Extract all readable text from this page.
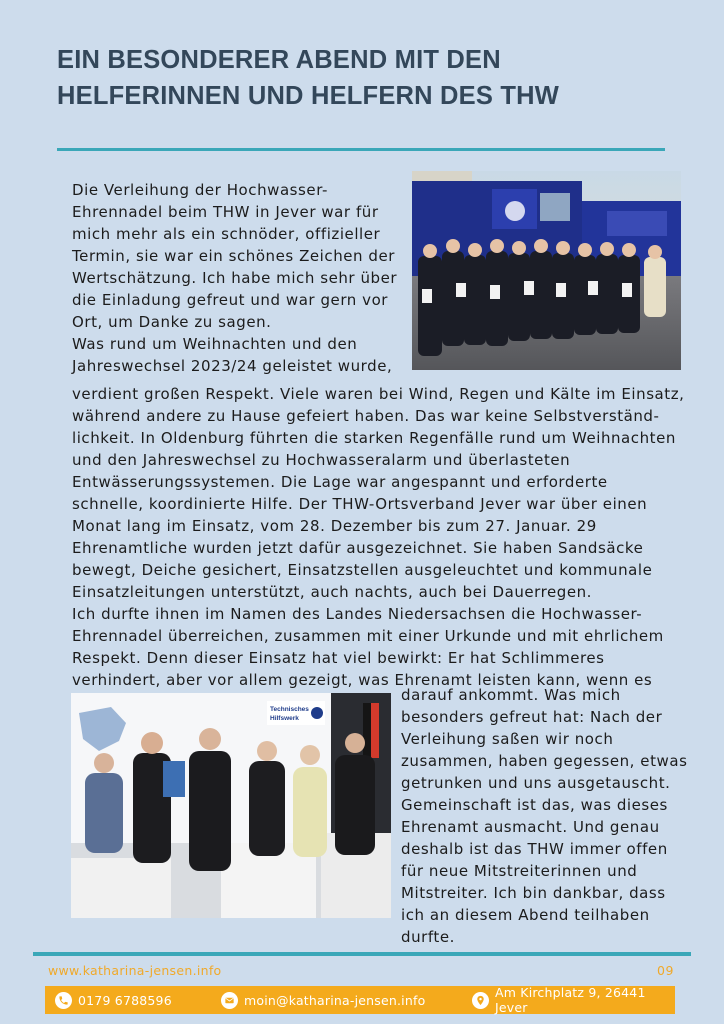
EIN BESONDERER ABEND MIT DEN
HELFERINNEN UND HELFERN DES THW
Die Verleihung der Hochwasser-
Ehrennadel beim THW in Jever war für
mich mehr als ein schnöder, offizieller
Termin, sie war ein schönes Zeichen der
Wertschätzung. Ich habe mich sehr über
die Einladung gefreut und war gern vor
Ort, um Danke zu sagen.
Was rund um Weihnachten und den
Jahreswechsel 2023/24 geleistet wurde,
verdient großen Respekt. Viele waren bei Wind, Regen und Kälte im Einsatz,
während andere zu Hause gefeiert haben. Das war keine Selbstverständ-
lichkeit. In Oldenburg führten die starken Regenfälle rund um Weihnachten
und den Jahreswechsel zu Hochwasseralarm und überlasteten
Entwässerungssystemen. Die Lage war angespannt und erforderte
schnelle, koordinierte Hilfe. Der THW-Ortsverband Jever war über einen
Monat lang im Einsatz, vom 28. Dezember bis zum 27. Januar. 29
Ehrenamtliche wurden jetzt dafür ausgezeichnet. Sie haben Sandsäcke
bewegt, Deiche gesichert, Einsatzstellen ausgeleuchtet und kommunale
Einsatzleitungen unterstützt, auch nachts, auch bei Dauerregen.
Ich durfte ihnen im Namen des Landes Niedersachsen die Hochwasser-
Ehrennadel überreichen, zusammen mit einer Urkunde und mit ehrlichem
Respekt. Denn dieser Einsatz hat viel bewirkt: Er hat Schlimmeres
verhindert, aber vor allem gezeigt, was Ehrenamt leisten kann, wenn es
Technisches
Hilfswerk
darauf ankommt. Was mich
besonders gefreut hat: Nach der
Verleihung saßen wir noch
zusammen, haben gegessen, etwas
getrunken und uns ausgetauscht.
Gemeinschaft ist das, was dieses
Ehrenamt ausmacht. Und genau
deshalb ist das THW immer offen
für neue Mitstreiterinnen und
Mitstreiter. Ich bin dankbar, dass
ich an diesem Abend teilhaben
durfte.
www.katharina-jensen.info	09
0179 6788596	moin@katharina-jensen.info	Am Kirchplatz 9, 26441 Jever
